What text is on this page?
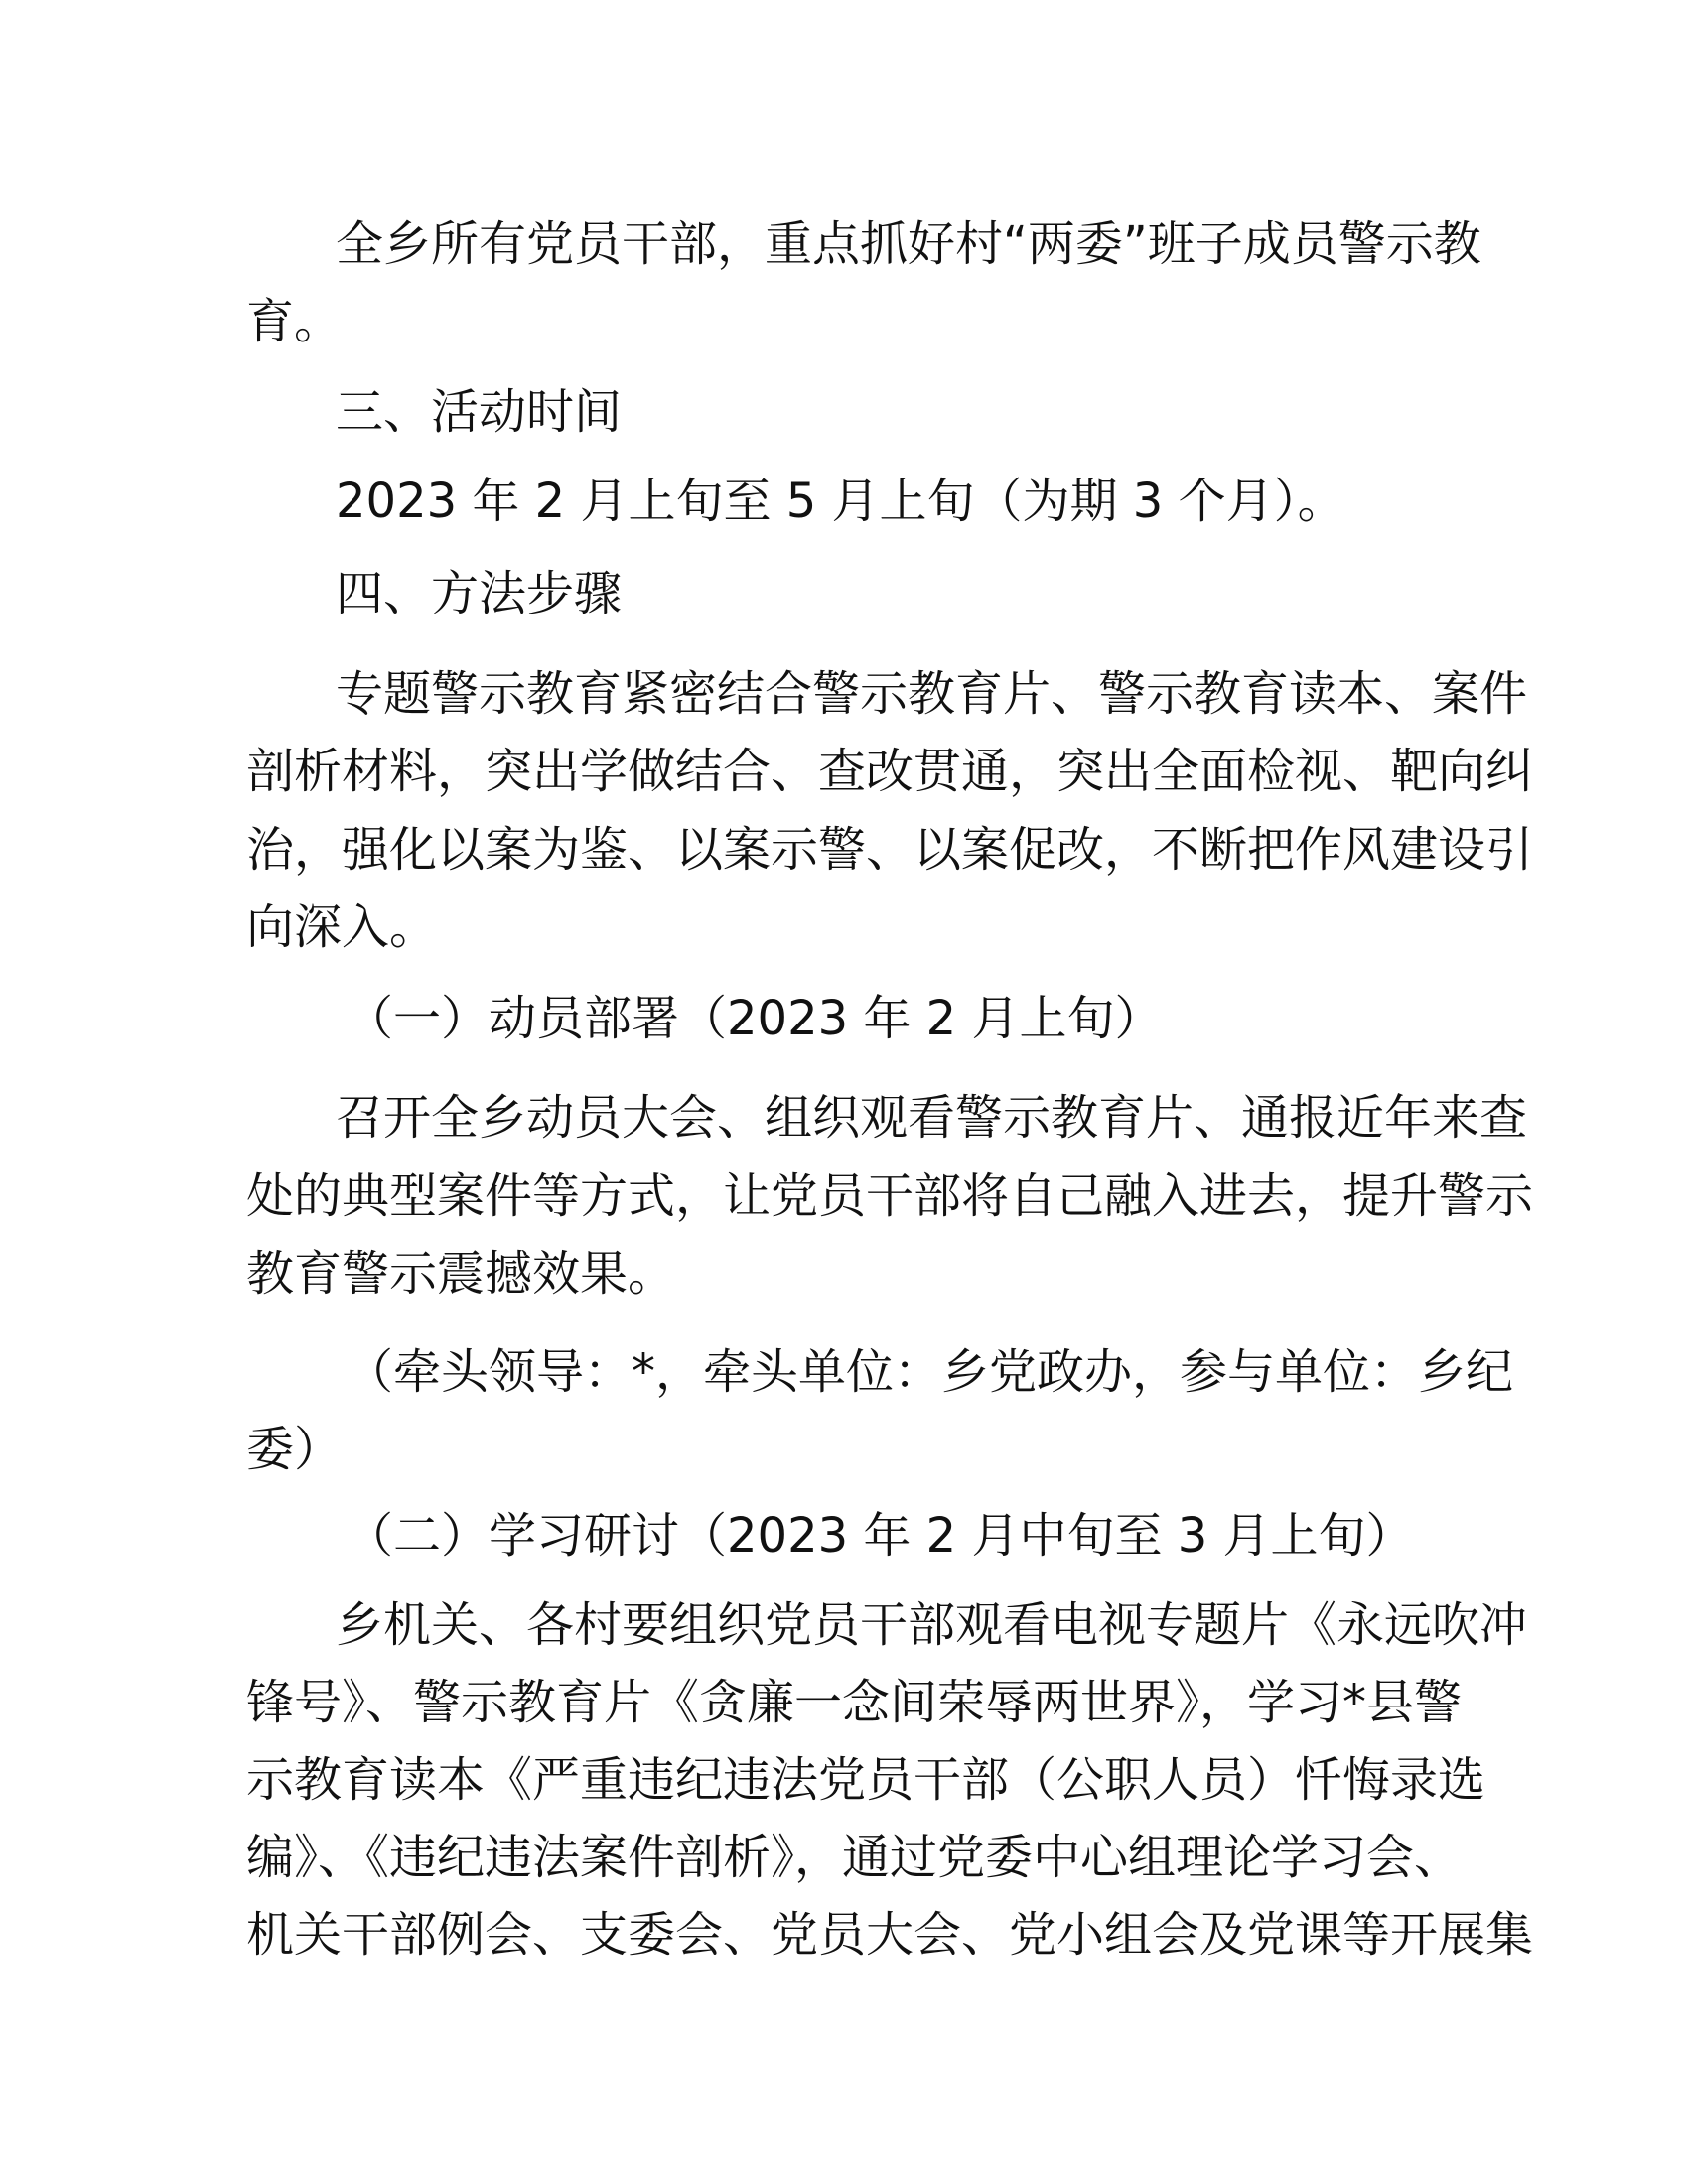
全乡所有党员干部，重点抓好村“两委”班子成员警示教
育。
三、活动时间
2023 年 2 月上旬至 5 月上旬（为期 3 个月）。
四、方法步骤
专题警示教育紧密结合警示教育片、警示教育读本、案件
剖析材料，突出学做结合、查改贯通，突出全面检视、靶向纠
治，强化以案为鉴、以案示警、以案促改，不断把作风建设引
向深入。
（一）动员部署（2023 年 2 月上旬）
召开全乡动员大会、组织观看警示教育片、通报近年来查
处的典型案件等方式，让党员干部将自己融入进去，提升警示
教育警示震撼效果。
（牵头领导：*，牵头单位：乡党政办，参与单位：乡纪
委）
（二）学习研讨（2023 年 2 月中旬至 3 月上旬）
乡机关、各村要组织党员干部观看电视专题片《永远吹冲
锋号》、警示教育片《贪廉一念间荣辱两世界》，学习*县警
示教育读本《严重违纪违法党员干部（公职人员）忏悔录选
编》、《违纪违法案件剖析》，通过党委中心组理论学习会、
机关干部例会、支委会、党员大会、党小组会及党课等开展集
